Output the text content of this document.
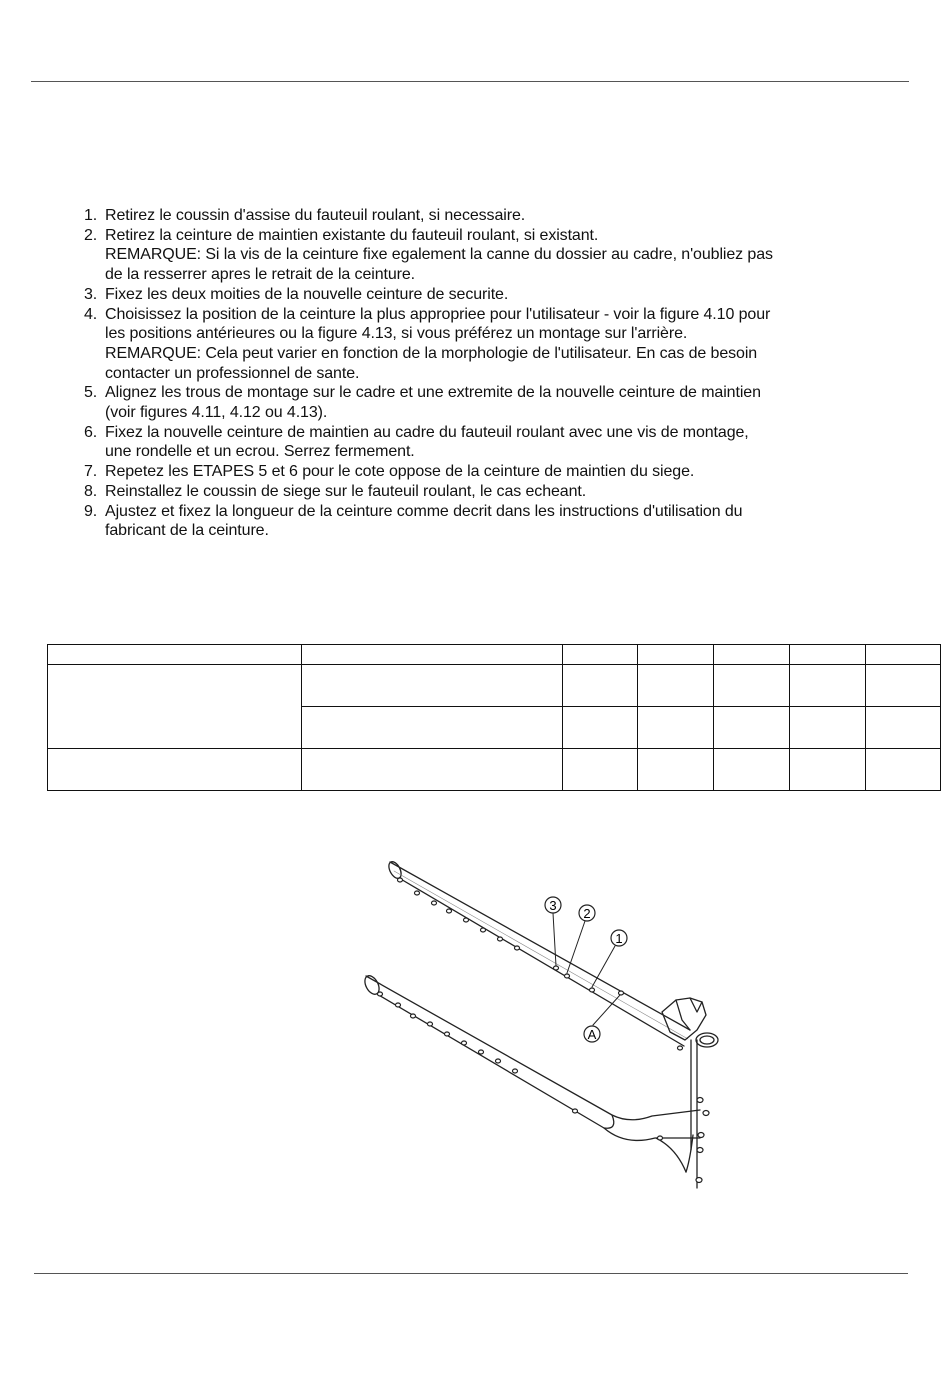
1. Retirez le coussin d'assise du fauteuil roulant, si necessaire.
2. Retirez la ceinture de maintien existante du fauteuil roulant, si existant.
REMARQUE: Si la vis de la ceinture fixe egalement la canne du dossier au cadre, n'oubliez pas
de la resserrer apres le retrait de la ceinture.
3. Fixez les deux moities de la nouvelle ceinture de securite.
4. Choisissez la position de la ceinture la plus appropriee pour l'utilisateur - voir la figure 4.10 pour
les positions antérieures ou la figure 4.13, si vous préférez un montage sur l'arrière.
REMARQUE: Cela peut varier en fonction de la morphologie de l'utilisateur. En cas de besoin
contacter un professionnel de sante.
5. Alignez les trous de montage sur le cadre et une extremite de la nouvelle ceinture de maintien
(voir figures 4.11, 4.12 ou 4.13).
6. Fixez la nouvelle ceinture de maintien au cadre du fauteuil roulant avec une vis de montage,
une rondelle et un ecrou. Serrez fermement.
7. Repetez les ETAPES 5 et 6 pour le cote oppose de la ceinture de maintien du siege.
8. Reinstallez le coussin de siege sur le fauteuil roulant, le cas echeant.
9. Ajustez et fixez la longueur de la ceinture comme decrit dans les instructions d'utilisation du
fabricant de la ceinture.

3
2
1
A
